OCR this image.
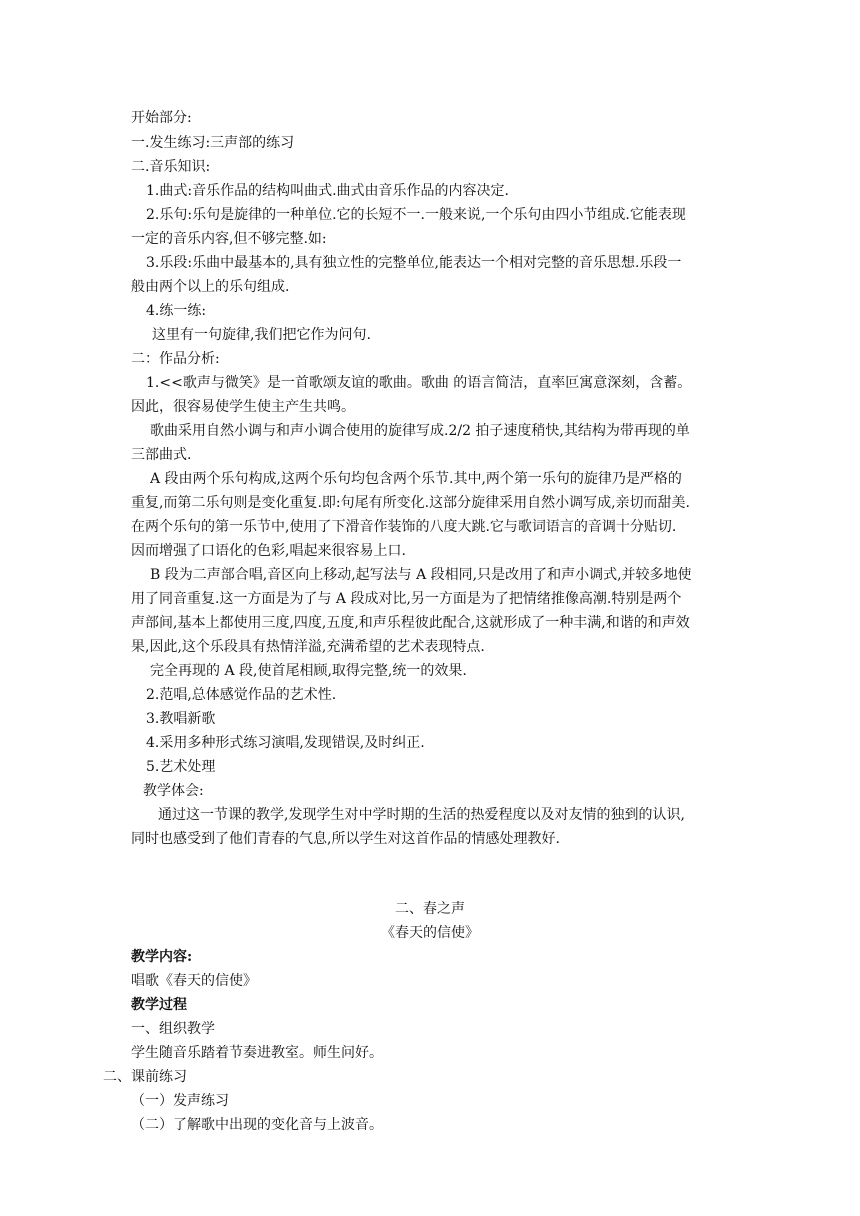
开始部分:
一.发生练习:三声部的练习
二.音乐知识:
1.曲式:音乐作品的结构叫曲式.曲式由音乐作品的内容决定.
2.乐句:乐句是旋律的一种单位.它的长短不一.一般来说,一个乐句由四小节组成.它能表现
一定的音乐内容,但不够完整.如:
3.乐段:乐曲中最基本的,具有独立性的完整单位,能表达一个相对完整的音乐思想.乐段一
般由两个以上的乐句组成.
4.练一练:
这里有一句旋律,我们把它作为问句.
二：作品分析:
1.<<歌声与微笑》是一首歌颂友谊的歌曲。歌曲 的语言简洁，直率叵寓意深刻，含蓄。
因此，很容易使学生使主产生共鸣。
歌曲采用自然小调与和声小调合使用的旋律写成.2/2 拍子速度稍快,其结构为带再现的单
三部曲式.
A 段由两个乐句构成,这两个乐句均包含两个乐节.其中,两个第一乐句的旋律乃是严格的
重复,而第二乐句则是变化重复.即:句尾有所变化.这部分旋律采用自然小调写成,亲切而甜美.
在两个乐句的第一乐节中,使用了下滑音作装饰的八度大跳.它与歌词语言的音调十分贴切.
因而增强了口语化的色彩,唱起来很容易上口.
B 段为二声部合唱,音区向上移动,起写法与 A 段相同,只是改用了和声小调式,并较多地使
用了同音重复.这一方面是为了与 A 段成对比,另一方面是为了把情绪推像高潮.特别是两个
声部间,基本上都使用三度,四度,五度,和声乐程彼此配合,这就形成了一种丰满,和谐的和声效
果,因此,这个乐段具有热情洋溢,充满希望的艺术表现特点.
完全再现的 A 段,使首尾相顾,取得完整,统一的效果.
2.范唱,总体感觉作品的艺术性.
3.教唱新歌
4.采用多种形式练习演唱,发现错误,及时纠正.
5.艺术处理
教学体会:
通过这一节课的教学,发现学生对中学时期的生活的热爱程度以及对友情的独到的认识,
同时也感受到了他们青春的气息,所以学生对这首作品的情感处理教好.
二、春之声
《春天的信使》
教学内容:
唱歌《春天的信使》
教学过程
一、组织教学
学生随音乐踏着节奏进教室。师生问好。
二、课前练习
（一）发声练习
（二）了解歌中出现的变化音与上波音。
